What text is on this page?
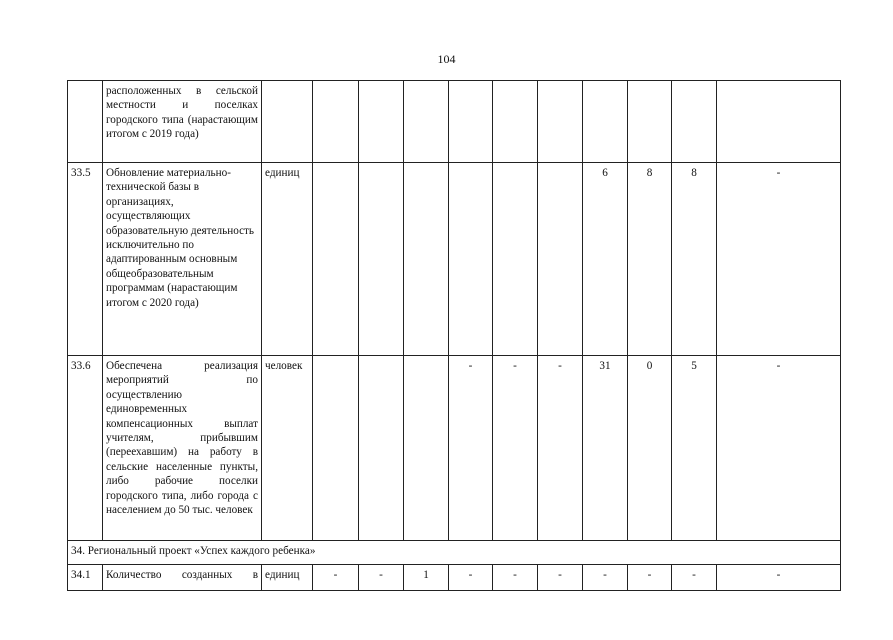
104
	расположенных в сельской местности и поселках городского типа (нарастающим итогом с 2019 года)												
33.5	Обновление материально-технической базы в организациях, осуществляющих образовательную деятельность исключительно по адаптированным основным общеобразовательным программам (нарастающим итогом с 2020 года)	единиц							6	8	8	-	
33.6	Обеспечена реализация мероприятий по осуществлению единовременных компенсационных выплат учителям, прибывшим (переехавшим) на работу в сельские населенные пункты, либо рабочие поселки городского типа, либо города с населением до 50 тыс. человек	человек				-	-	-	31	0	5	-	
34. Региональный проект «Успех каждого ребенка»													
34.1	Количество созданных в	единиц	-	-	1	-	-	-	-	-	-	-	
